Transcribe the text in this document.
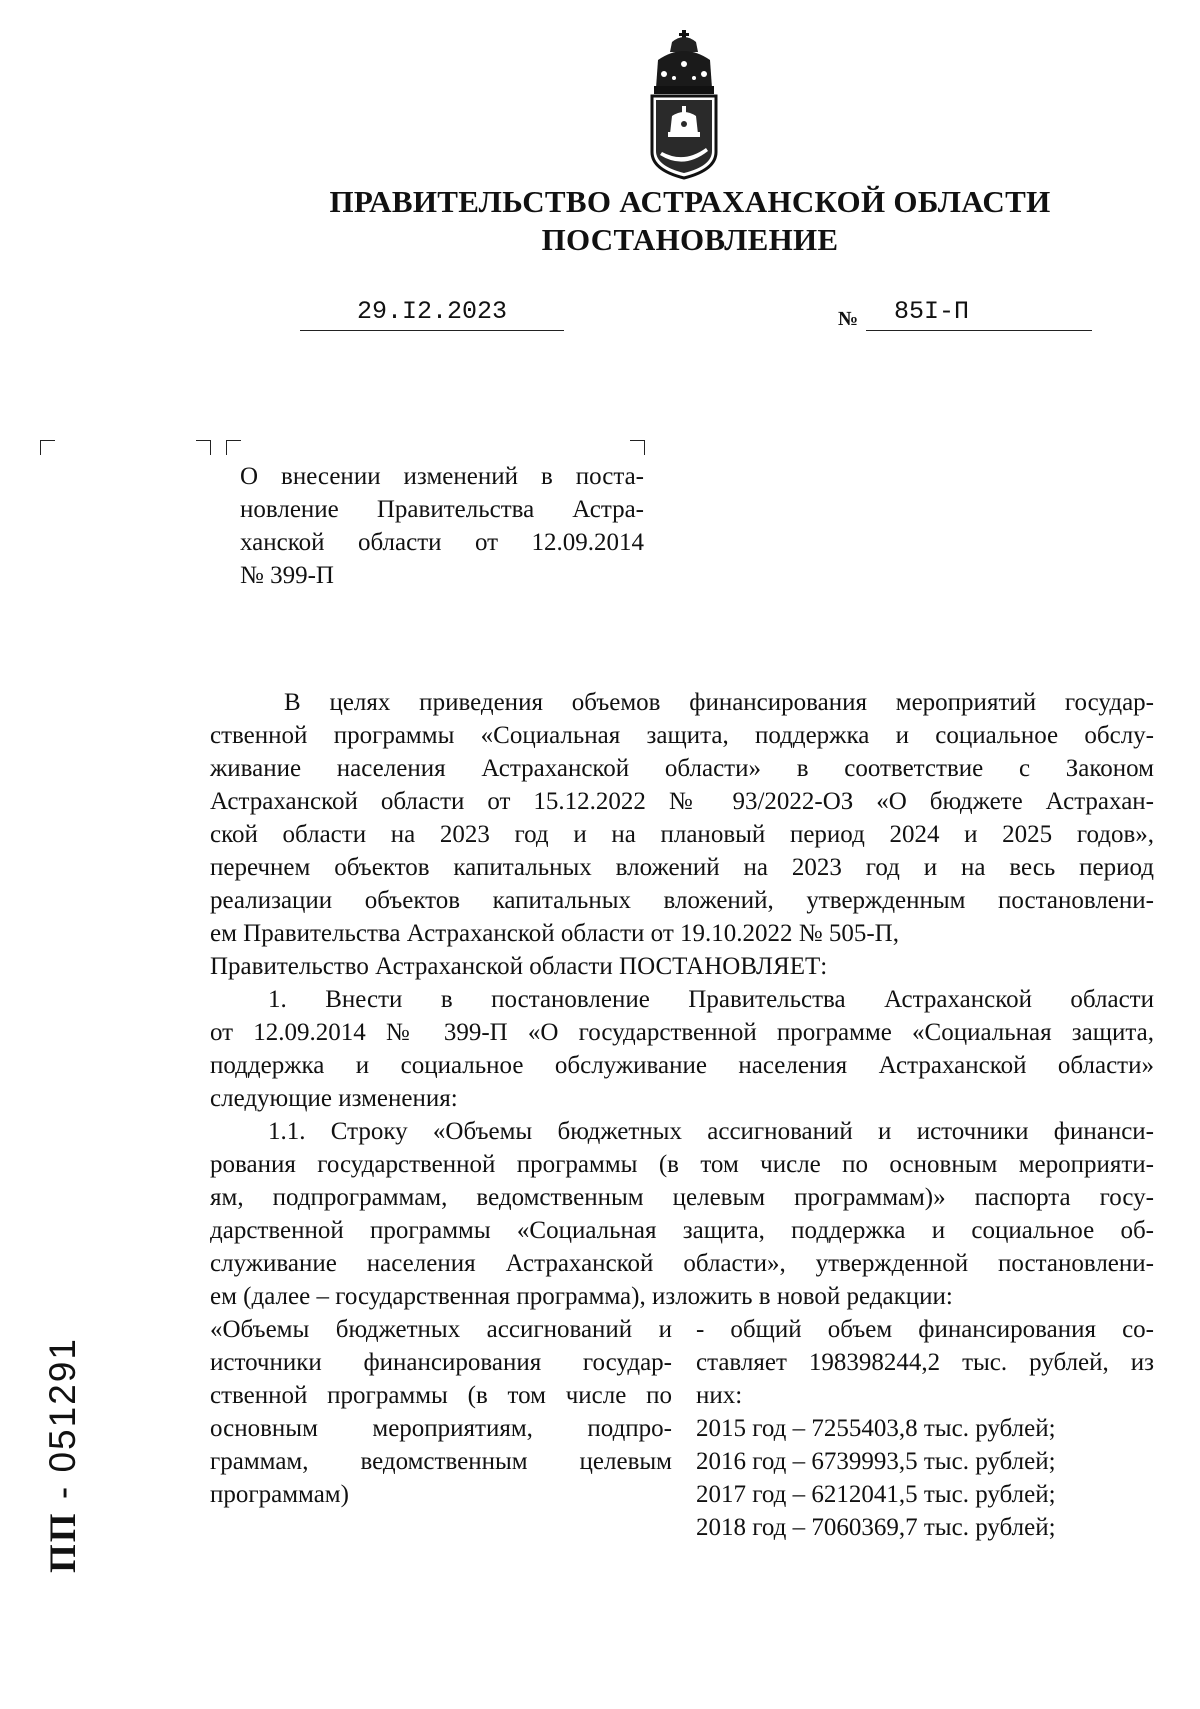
ПРАВИТЕЛЬСТВО АСТРАХАНСКОЙ ОБЛАСТИ
ПОСТАНОВЛЕНИЕ
29.I2.2023	№	85I-П
О внесении изменений в поста-
новление Правительства Астра-
ханской области от 12.09.2014
№ 399-П
В целях приведения объемов финансирования мероприятий государ-
ственной программы «Социальная защита, поддержка и социальное обслу-
живание населения Астраханской области» в соответствие с Законом
Астраханской области от 15.12.2022 № 93/2022-ОЗ «О бюджете Астрахан-
ской области на 2023 год и на плановый период 2024 и 2025 годов»,
перечнем объектов капитальных вложений на 2023 год и на весь период
реализации объектов капитальных вложений, утвержденным постановлени-
ем Правительства Астраханской области от 19.10.2022 № 505-П,
Правительство Астраханской области ПОСТАНОВЛЯЕТ:
1. Внести в постановление Правительства Астраханской области
от 12.09.2014 № 399-П «О государственной программе «Социальная защита,
поддержка и социальное обслуживание населения Астраханской области»
следующие изменения:
1.1. Строку «Объемы бюджетных ассигнований и источники финанси-
рования государственной программы (в том числе по основным мероприяти-
ям, подпрограммам, ведомственным целевым программам)» паспорта госу-
дарственной программы «Социальная защита, поддержка и социальное об-
служивание населения Астраханской области», утвержденной постановлени-
ем (далее – государственная программа), изложить в новой редакции:
«Объемы бюджетных ассигнований и
источники финансирования государ-
ственной программы (в том числе по
основным мероприятиям, подпро-
граммам, ведомственным целевым
программам)
- общий объем финансирования со-
ставляет 198398244,2 тыс. рублей, из
них:
2015 год – 7255403,8 тыс. рублей;
2016 год – 6739993,5 тыс. рублей;
2017 год – 6212041,5 тыс. рублей;
2018 год – 7060369,7 тыс. рублей;
ПП - 051291
